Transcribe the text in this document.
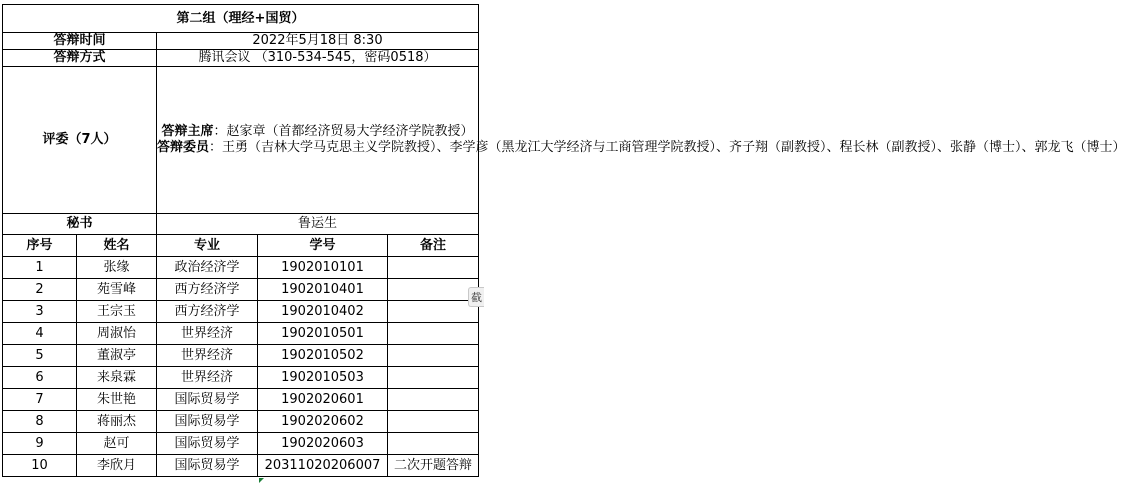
第二组（理经+国贸）				
答辩时间		2022年5月18日 8:30		
答辩方式		腾讯会议 （310-534-545，密码0518）		
评委（7人）		答辩主席：赵家章（首都经济贸易大学经济学院教授）
答辩委员：王勇（吉林大学马克思主义学院教授）、李学彦（黑龙江大学经济与工商管理学院教授）、齐子翔（副教授）、程长林（副教授）、张静（博士）、郭龙飞（博士）		

秘书		鲁运生		
序号	姓名	专业	学号	备注
1	张缘	政治经济学	1902010101	
2	苑雪峰	西方经济学	1902010401	
3	王宗玉	西方经济学	1902010402	
4	周淑怡	世界经济	1902010501	
5	董淑亭	世界经济	1902010502	
6	来泉霖	世界经济	1902010503	
7	朱世艳	国际贸易学	1902020601	
8	蒋丽杰	国际贸易学	1902020602	
9	赵可	国际贸易学	1902020603	
10	李欣月	国际贸易学	20311020206007	二次开题答辩
截
